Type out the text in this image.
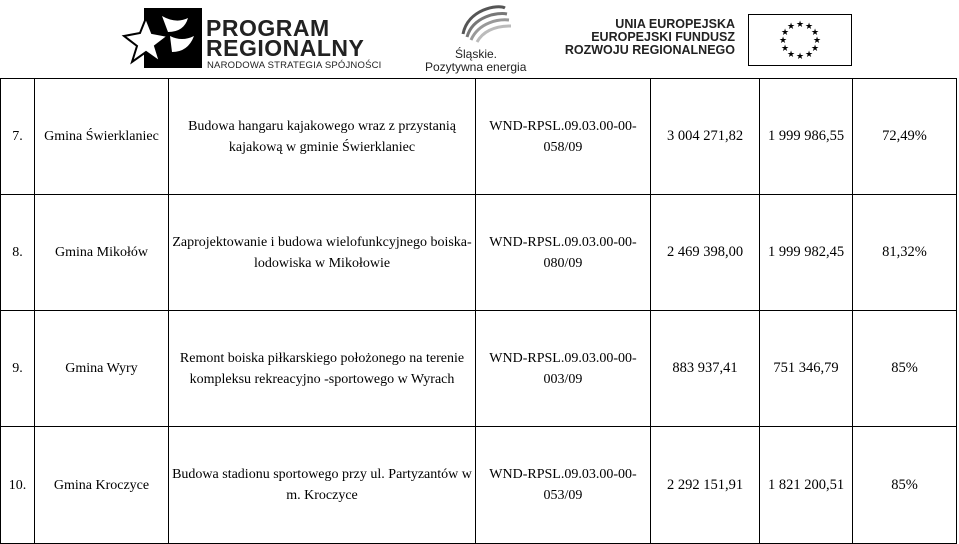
PROGRAM
REGIONALNY
NARODOWA STRATEGIA SPÓJNOŚCI
Śląskie.
Pozytywna energia
UNIA EUROPEJSKA
EUROPEJSKI FUNDUSZ
ROZWOJU REGIONALNEGO
★ ★
★
★
★
★
★
★
★
★
★
★
7.	Gmina Świerklaniec	Budowa hangaru kajakowego wraz z przystanią kajakową w gminie Świerklaniec	WND-RPSL.09.03.00-00-
058/09	3 004 271,82	1 999 986,55	72,49%
8.	Gmina Mikołów	Zaprojektowanie i budowa wielofunkcyjnego boiska-lodowiska w Mikołowie	WND-RPSL.09.03.00-00-
080/09	2 469 398,00	1 999 982,45	81,32%
9.	Gmina Wyry	Remont boiska piłkarskiego położonego na terenie kompleksu rekreacyjno -sportowego w Wyrach	WND-RPSL.09.03.00-00-
003/09	883 937,41	751 346,79	85%
10.	Gmina Kroczyce	Budowa stadionu sportowego przy ul. Partyzantów w m. Kroczyce	WND-RPSL.09.03.00-00-
053/09	2 292 151,91	1 821 200,51	85%
